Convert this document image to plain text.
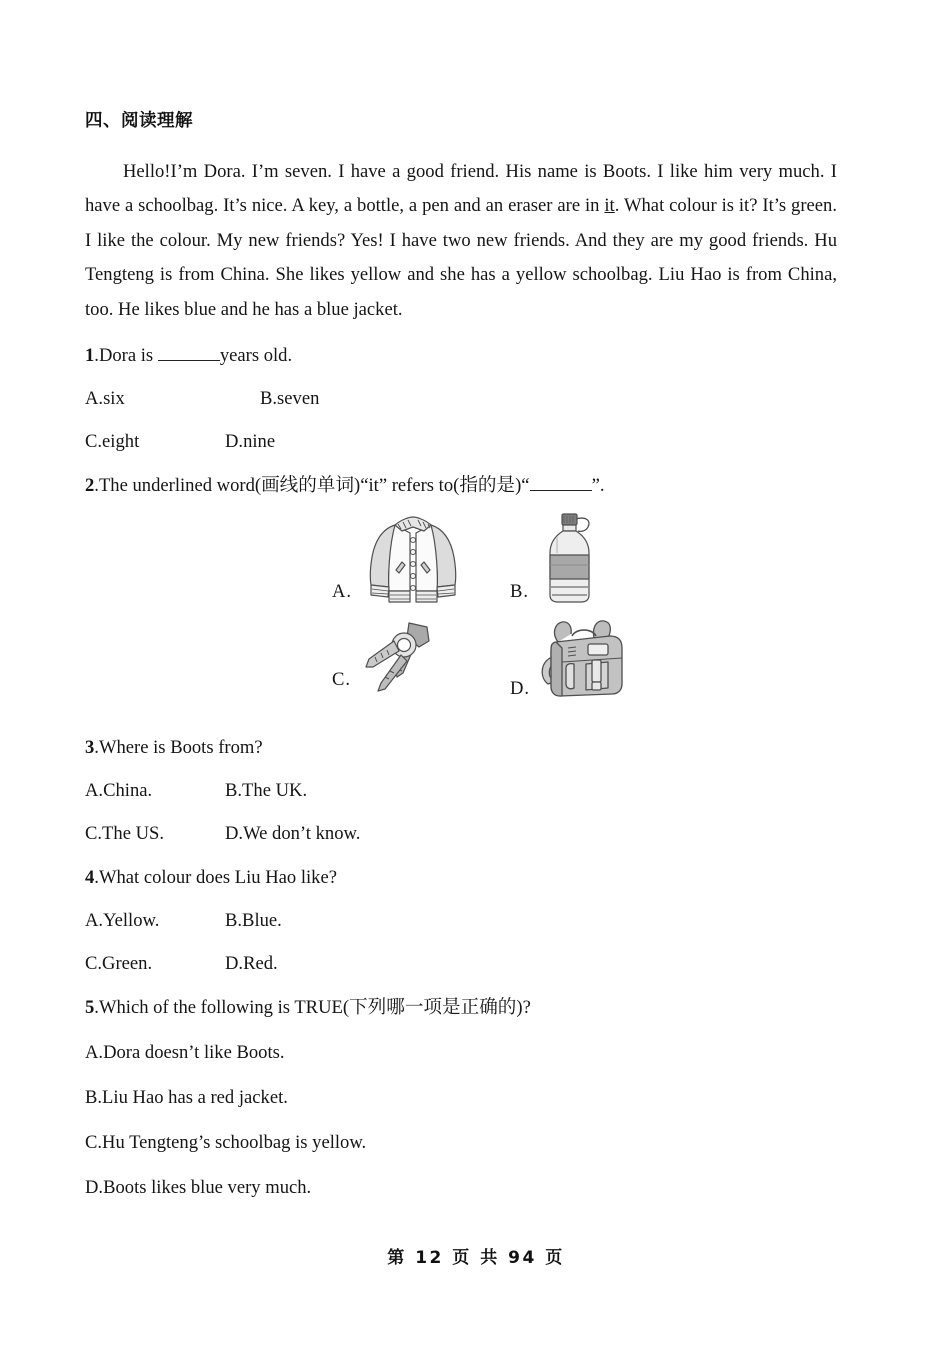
四、阅读理解

Hello!I’m Dora. I’m seven. I have a good friend. His name is Boots. I like him very much. I have a schoolbag. It’s nice. A key, a bottle, a pen and an eraser are in it. What colour is it? It’s green. I like the colour. My new friends? Yes! I have two new friends. And they are my good friends. Hu Tengteng is from China. She likes yellow and she has a yellow schoolbag. Liu Hao is from China, too. He likes blue and he has a blue jacket.

1.Dora is	years old.

A.six	B.seven
C.eight	D.nine

2.The underlined word(画线的单词)“it” refers to(指的是)“	”.

A.	B.
C.	D.

3.Where is Boots from?

A.China.	B.The UK.
C.The US.	D.We don’t know.

4.What colour does Liu Hao like?

A.Yellow.	B.Blue.
C.Green.	D.Red.

5.Which of the following is TRUE(下列哪一项是正确的)?

A.Dora doesn’t like Boots.
B.Liu Hao has a red jacket.
C.Hu Tengteng’s schoolbag is yellow.
D.Boots likes blue very much.
第 12 页 共 94 页
